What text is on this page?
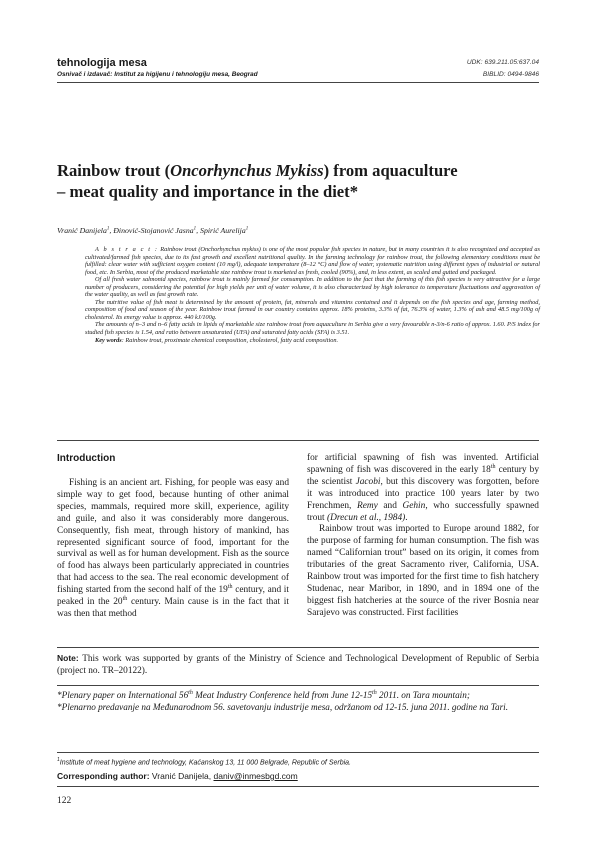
tehnologija mesa
Osnivač i izdavač: Institut za higijenu i tehnologiju mesa, Beograd
UDK: 639.211.05:637.04
BIBLID: 0494-9846
Rainbow trout (Oncorhynchus Mykiss) from aquaculture
– meat quality and importance in the diet*
Vranić Danijela$^1$, Đinović-Stojanović Jasna$^1$, Spirić Aurelija$^1$

A b s t r a c t : Rainbow trout (Onchorhynchus mykiss) is one of the most popular fish species in nature, but in many countries it is also recognized and accepted as cultivated/farmed fish species, due to its fast growth and excellent nutritional quality. In the farming technology for rainbow trout, the following elementary conditions must be fulfilled: clear water with sufficient oxygen content (10 mg/l), adequate temperature (8–12 °C) and flow of water, systematic nutrition using different types of industrial or natural food, etc. In Serbia, most of the produced marketable size rainbow trout is marketed as fresh, cooled (90%), and, in less extent, as scaled and gutted and packaged.

Of all fresh water salmonid species, rainbow trout is mainly farmed for consumption. In addition to the fact that the farming of this fish species is very attractive for a large number of producers, considering the potential for high yields per unit of water volume, it is also characterized by high tolerance to temperature fluctuations and aggravation of the water quality, as well as fast growth rate.

The nutritive value of fish meat is determined by the amount of protein, fat, minerals and vitamins contained and it depends on the fish species and age, farming method, composition of food and season of the year. Rainbow trout farmed in our country contains approx. 18% proteins, 3.3% of fat, 76.3% of water, 1.3% of ash and 48.5 mg/100g of cholesterol. Its energy value is approx. 440 kJ/100g.

The amounts of n–3 and n–6 fatty acids in lipids of marketable size rainbow trout from aquaculture in Serbia give a very favourable n-3/n-6 ratio of approx. 1.60. P/S index for studied fish species is 1.54, and ratio between unsaturated (UFA) and saturated fatty acids (SFA) is 3.51.

Key words: Rainbow trout, proximate chemical composition, cholesterol, fatty acid composition.

Introduction

Fishing is an ancient art. Fishing, for people was easy and simple way to get food, because hunting of other animal species, mammals, required more skill, experience, agility and guile, and also it was considerably more dangerous. Consequently, fish meat, through history of mankind, has represented significant source of food, important for the survival as well as for human development. Fish as the source of food has always been particularly appreciated in countries that had access to the sea. The real economic development of fishing started from the second half of the 19th century, and it peaked in the 20th century. Main cause is in the fact that it was then that method

for artificial spawning of fish was invented. Artificial spawning of fish was discovered in the early 18th century by the scientist Jacobi, but this discovery was forgotten, before it was introduced into practice 100 years later by two Frenchmen, Remy and Gehin, who successfully spawned trout (Drecun et al., 1984).

Rainbow trout was imported to Europe around 1882, for the purpose of farming for human consumption. The fish was named “Californian trout” based on its origin, it comes from tributaries of the great Sacramento river, California, USA. Rainbow trout was imported for the first time to fish hatchery Studenac, near Maribor, in 1890, and in 1894 one of the biggest fish hatcheries at the source of the river Bosnia near Sarajevo was constructed. First facilities

Note: This work was supported by grants of the Ministry of Science and Technological Development of Republic of Serbia (project no. TR–20122).
*Plenary paper on International 56th Meat Industry Conference held from June 12-15th 2011. on Tara mountain;
*Plenarno predavanje na Međunarodnom 56. savetovanju industrije mesa, održanom od 12-15. juna 2011. godine na Tari.
$^1$Institute of meat hygiene and technology, Kaćanskog 13, 11 000 Belgrade, Republic of Serbia.
Corresponding author: Vranić Danijela, daniv@inmesbgd.com
122
